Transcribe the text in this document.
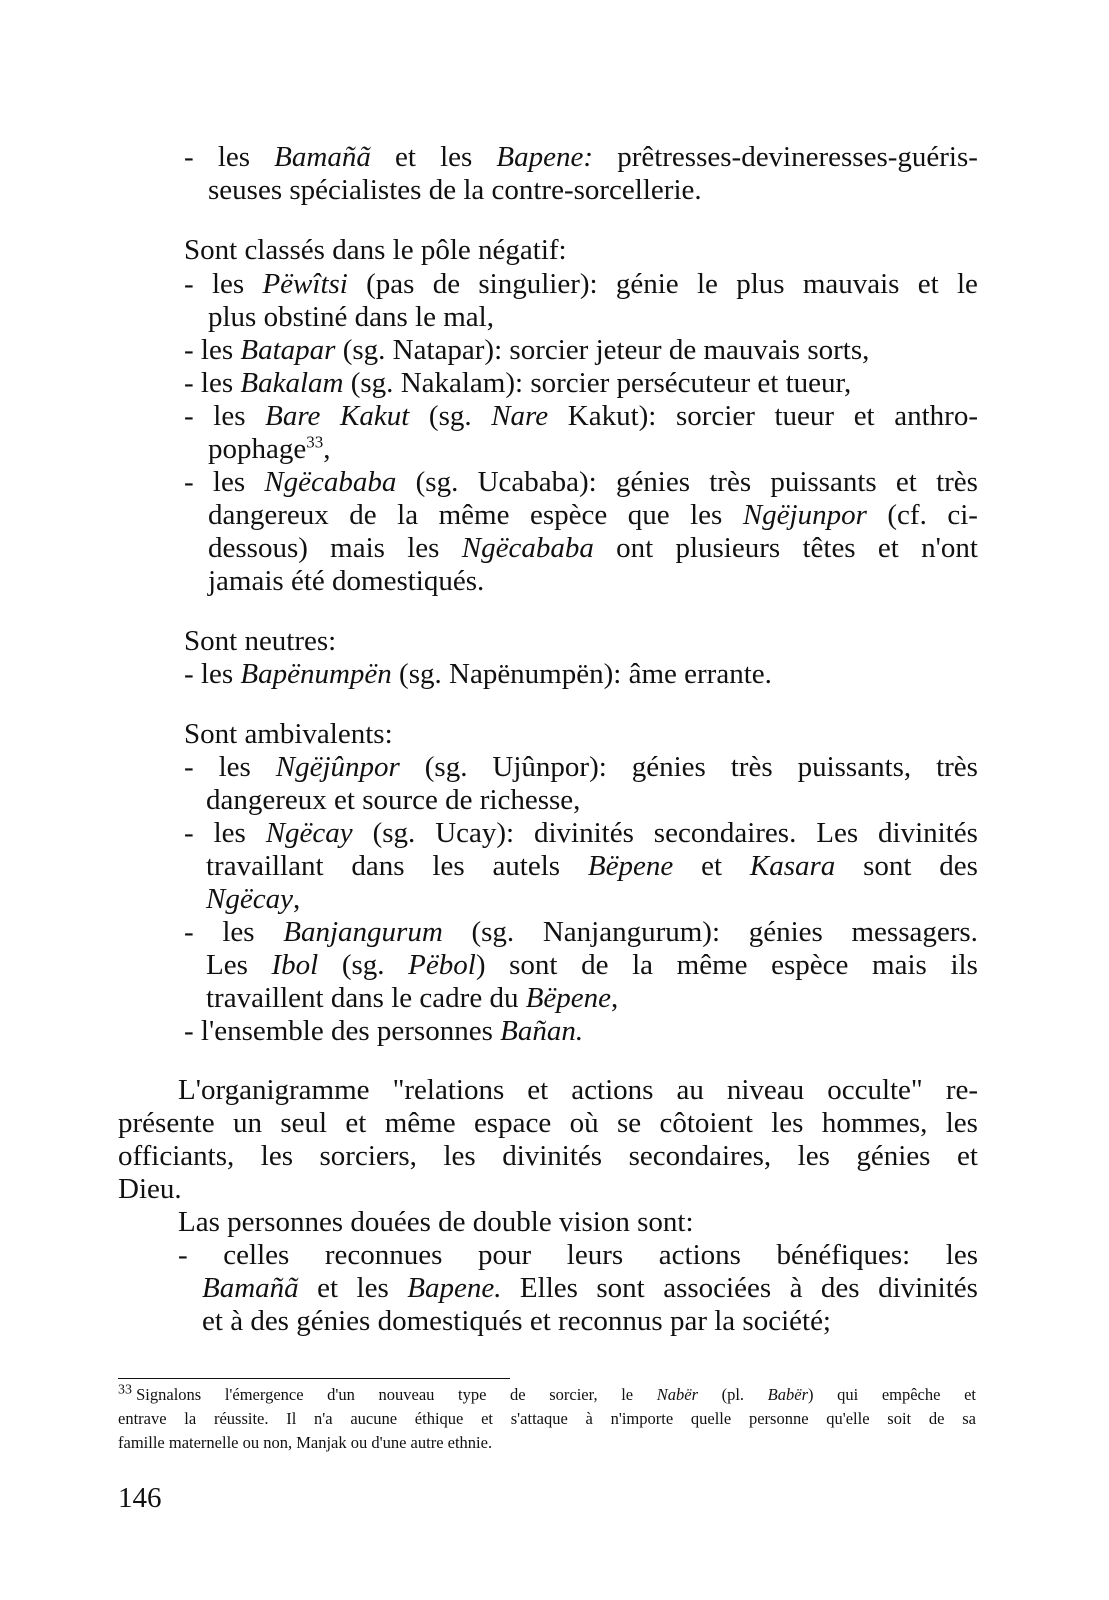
- les Bamañã et les Bapene: prêtresses-devineresses-guéris-
seuses spécialistes de la contre-sorcellerie.
Sont classés dans le pôle négatif:
- les Pëwîtsi (pas de singulier): génie le plus mauvais et le
plus obstiné dans le mal,
- les Batapar (sg. Natapar): sorcier jeteur de mauvais sorts,
- les Bakalam (sg. Nakalam): sorcier persécuteur et tueur,
- les Bare Kakut (sg. Nare Kakut): sorcier tueur et anthro-
pophage$^{33}$,
- les Ngëcababa (sg. Ucababa): génies très puissants et très
dangereux de la même espèce que les Ngëjunpor (cf. ci-
dessous) mais les Ngëcababa ont plusieurs têtes et n'ont
jamais été domestiqués.
Sont neutres:
- les Bapënumpën (sg. Napënumpën): âme errante.
Sont ambivalents:
- les Ngëjûnpor (sg. Ujûnpor): génies très puissants, très
dangereux et source de richesse,
- les Ngëcay (sg. Ucay): divinités secondaires. Les divinités
travaillant dans les autels Bëpene et Kasara sont des
Ngëcay,
- les Banjangurum (sg. Nanjangurum): génies messagers.
Les Ibol (sg. Pëbol) sont de la même espèce mais ils
travaillent dans le cadre du Bëpene,
- l'ensemble des personnes Bañan.
L'organigramme "relations et actions au niveau occulte" re-
présente un seul et même espace où se côtoient les hommes, les
officiants, les sorciers, les divinités secondaires, les génies et
Dieu.
Las personnes douées de double vision sont:
- celles reconnues pour leurs actions bénéfiques: les
Bamañã et les Bapene. Elles sont associées à des divinités
et à des génies domestiqués et reconnus par la société;
$^{33}$ Signalons l'émergence d'un nouveau type de sorcier, le Nabër (pl. Babër) qui empêche et
entrave la réussite. Il n'a aucune éthique et s'attaque à n'importe quelle personne qu'elle soit de sa
famille maternelle ou non, Manjak ou d'une autre ethnie.
146
